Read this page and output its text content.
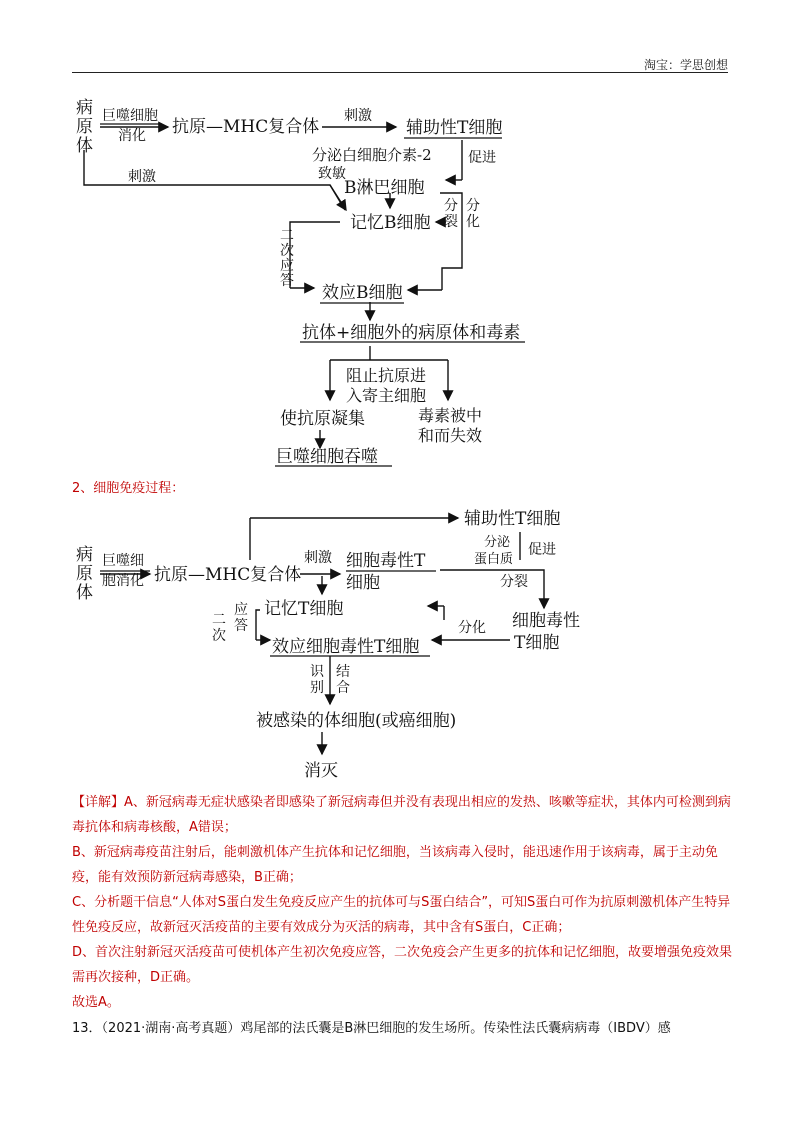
淘宝：学思创想
病
原
体
巨噬细胞
消化 抗原—MHC复合体
刺激
辅助性T细胞
分泌白细胞介素-2	促进
刺激	致敏
B淋巴细胞
记忆B细胞
分
裂
分
化
二
次
应
答
效应B细胞
抗体+细胞外的病原体和毒素
阻止抗原进
入寄主细胞
使抗原凝集	毒素被中
和而失效
巨噬细胞吞噬
2、细胞免疫过程：
病
原
体
巨噬细
胞消化 抗原—MHC复合体
刺激
辅助性T细胞
细胞毒性T
细胞
分泌
蛋白质
促进
分裂
记忆T细胞
二
次
应
答	分化 细胞毒性
T细胞
效应细胞毒性T细胞
识
别
结
合
被感染的体细胞(或癌细胞)
消灭

【详解】A、新冠病毒无症状感染者即感染了新冠病毒但并没有表现出相应的发热、咳嗽等症状，其体内可检测到病毒抗体和病毒核酸，A错误；

B、新冠病毒疫苗注射后，能刺激机体产生抗体和记忆细胞，当该病毒入侵时，能迅速作用于该病毒，属于主动免疫，能有效预防新冠病毒感染，B正确；

C、分析题干信息“人体对S蛋白发生免疫反应产生的抗体可与S蛋白结合”，可知S蛋白可作为抗原刺激机体产生特异性免疫反应，故新冠灭活疫苗的主要有效成分为灭活的病毒，其中含有S蛋白，C正确；

D、首次注射新冠灭活疫苗可使机体产生初次免疫应答，二次免疫会产生更多的抗体和记忆细胞，故要增强免疫效果需再次接种，D正确。

故选A。

13．（2021·湖南·高考真题）鸡尾部的法氏囊是B淋巴细胞的发生场所。传染性法氏囊病病毒（IBDV）感
